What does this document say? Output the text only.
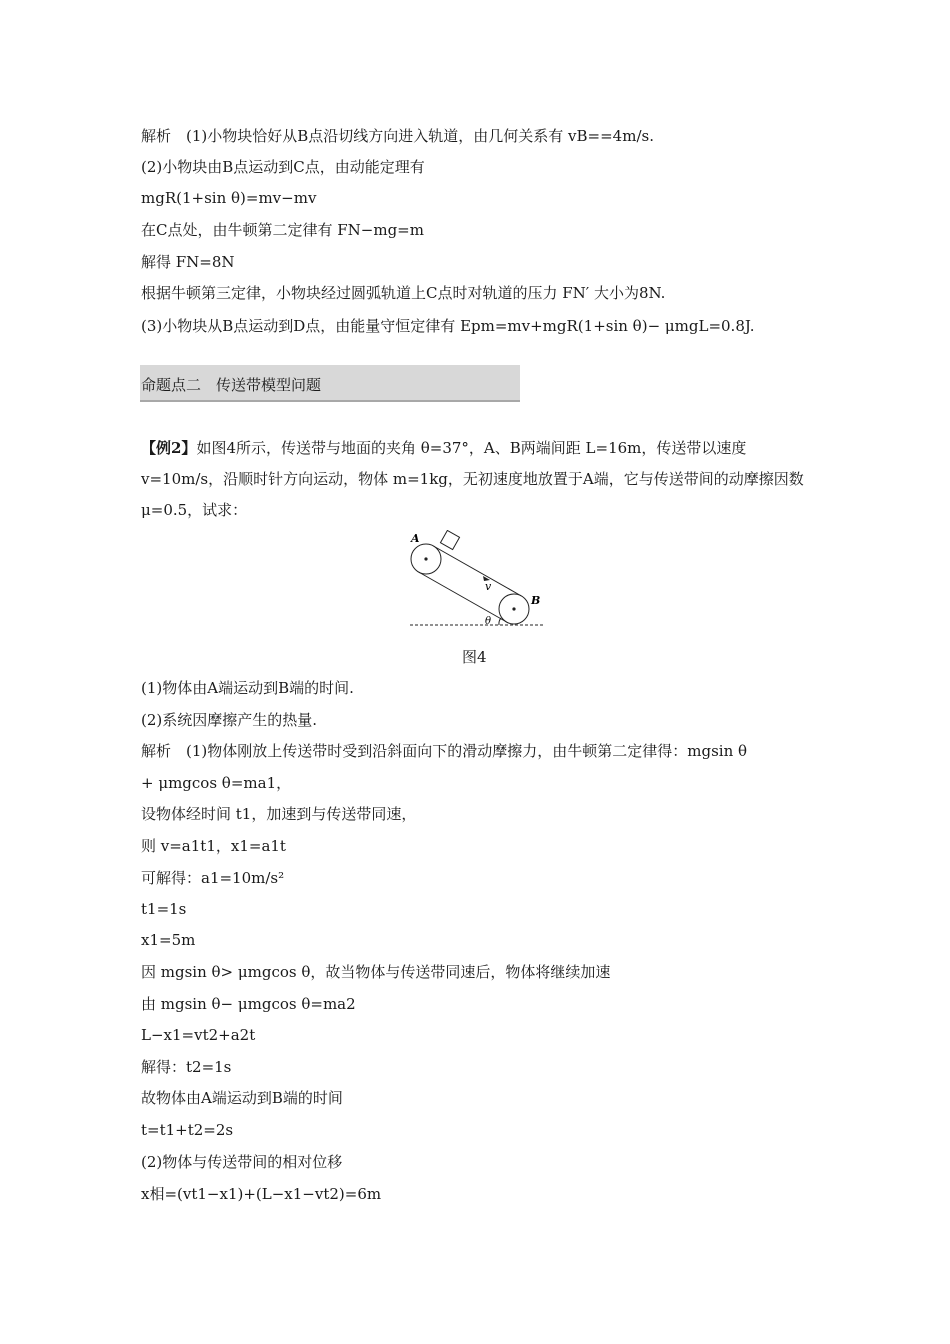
解析　(1)小物块恰好从B点沿切线方向进入轨道，由几何关系有 vB==4m/s.
(2)小物块由B点运动到C点，由动能定理有
mgR(1+sin θ)=mv−mv
在C点处，由牛顿第二定律有 FN−mg=m
解得 FN=8N
根据牛顿第三定律，小物块经过圆弧轨道上C点时对轨道的压力 FN′ 大小为8N.
(3)小物块从B点运动到D点，由能量守恒定律有 Epm=mv+mgR(1+sin θ)− μmgL=0.8J.
命题点二　传送带模型问题
【例2】如图4所示，传送带与地面的夹角 θ=37°，A、B两端间距 L=16m，传送带以速度 v=10m/s，沿顺时针方向运动，物体 m=1kg，无初速度地放置于A端，它与传送带间的动摩擦因数 μ=0.5，试求：
A
B
v
θ
图4
(1)物体由A端运动到B端的时间.
(2)系统因摩擦产生的热量.
解析　(1)物体刚放上传送带时受到沿斜面向下的滑动摩擦力，由牛顿第二定律得：mgsin θ
+ μmgcos θ=ma1，
设物体经时间 t1，加速到与传送带同速，
则 v=a1t1，x1=a1t
可解得：a1=10m/s²
t1=1s
x1=5m
因 mgsin θ> μmgcos θ，故当物体与传送带同速后，物体将继续加速
由 mgsin θ− μmgcos θ=ma2
L−x1=vt2+a2t
解得：t2=1s
故物体由A端运动到B端的时间
t=t1+t2=2s
(2)物体与传送带间的相对位移
x相=(vt1−x1)+(L−x1−vt2)=6m
